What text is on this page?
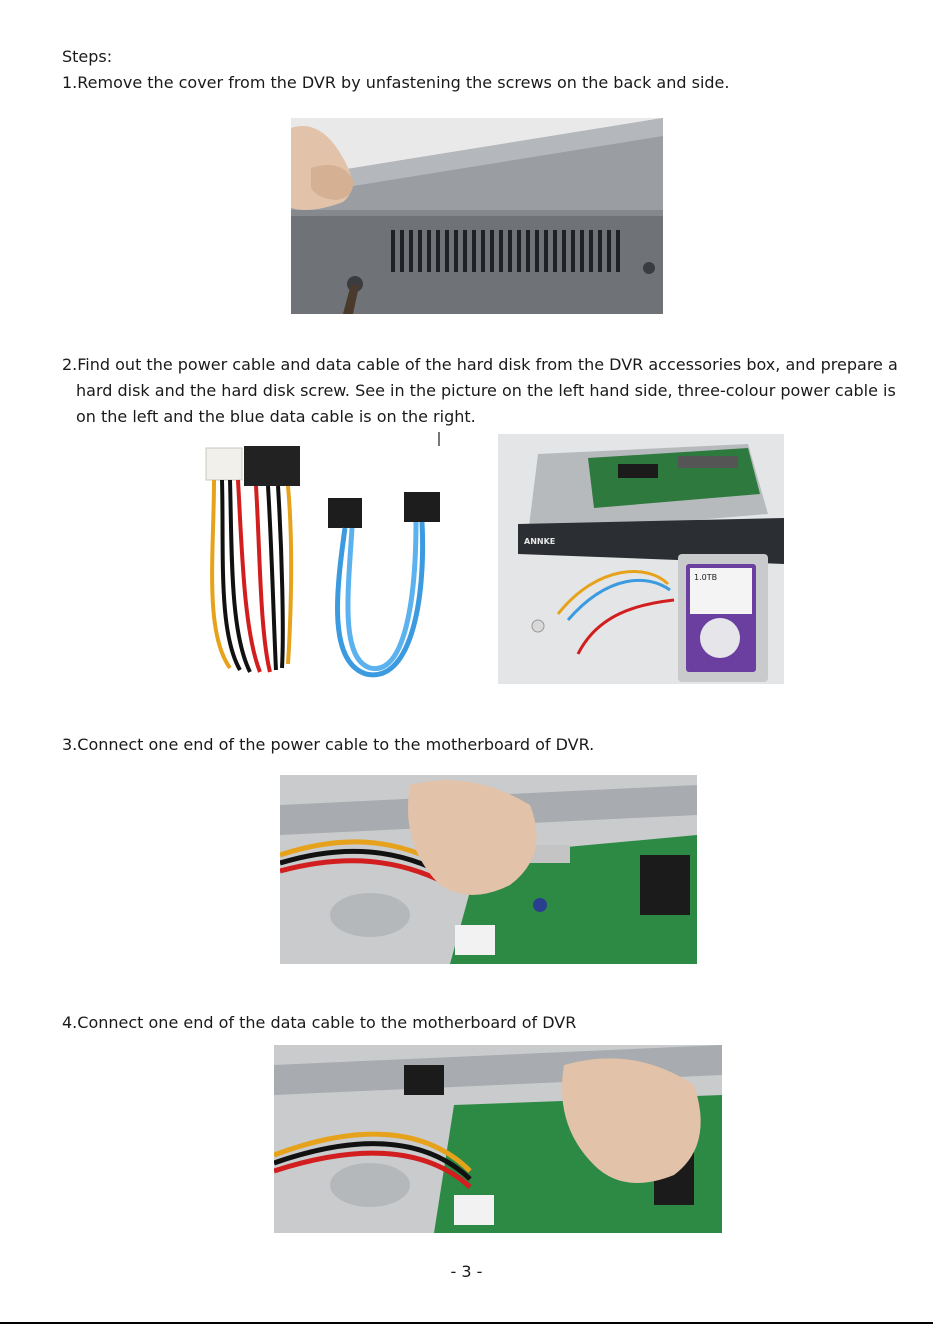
Steps:
1.Remove the cover from the DVR by unfastening the screws on the back and side.
2.Find out the power cable and data cable of the hard disk from the DVR accessories box, and prepare a
hard disk and the hard disk screw. See in the picture on the left hand side, three-colour power cable is
on the left and the blue data cable is on the right.
ANNKE
1.0TB
3.Connect one end of the power cable to the motherboard of DVR.
4.Connect one end of the data cable to the motherboard of DVR
- 3 -
